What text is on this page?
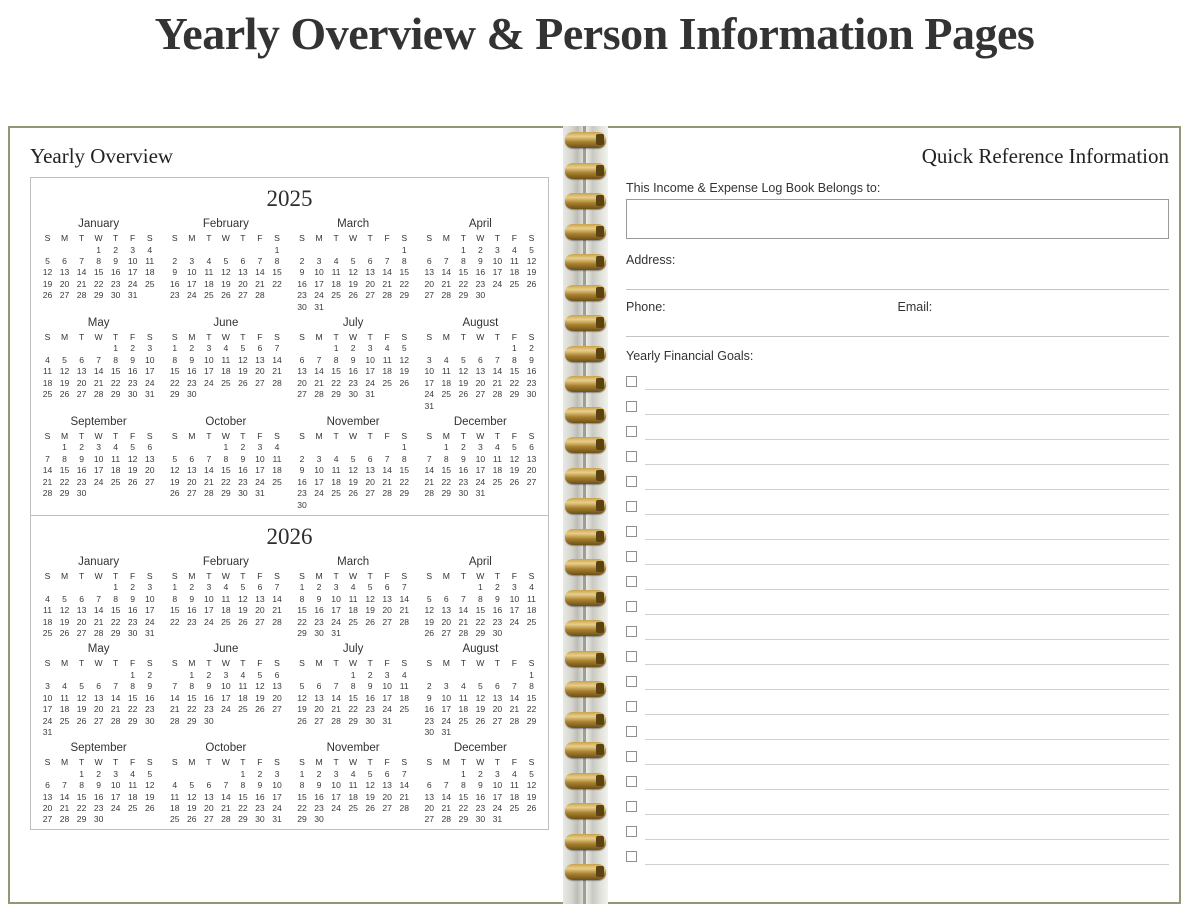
Yearly Overview & Person Information Pages
Yearly Overview
2025
January
S	M	T	W	T	F	S
			1	2	3	4
5	6	7	8	9	10	11
12	13	14	15	16	17	18
19	20	21	22	23	24	25
26	27	28	29	30	31	
February
S	M	T	W	T	F	S
						1
2	3	4	5	6	7	8
9	10	11	12	13	14	15
16	17	18	19	20	21	22
23	24	25	26	27	28	
March
S	M	T	W	T	F	S
						1
2	3	4	5	6	7	8
9	10	11	12	13	14	15
16	17	18	19	20	21	22
23	24	25	26	27	28	29
30	31					
April
S	M	T	W	T	F	S
		1	2	3	4	5
6	7	8	9	10	11	12
13	14	15	16	17	18	19
20	21	22	23	24	25	26
27	28	29	30			
May
S	M	T	W	T	F	S
				1	2	3
4	5	6	7	8	9	10
11	12	13	14	15	16	17
18	19	20	21	22	23	24
25	26	27	28	29	30	31
June
S	M	T	W	T	F	S
1	2	3	4	5	6	7
8	9	10	11	12	13	14
15	16	17	18	19	20	21
22	23	24	25	26	27	28
29	30					
July
S	M	T	W	T	F	S
		1	2	3	4	5
6	7	8	9	10	11	12
13	14	15	16	17	18	19
20	21	22	23	24	25	26
27	28	29	30	31		
August
S	M	T	W	T	F	S
					1	2
3	4	5	6	7	8	9
10	11	12	13	14	15	16
17	18	19	20	21	22	23
24	25	26	27	28	29	30
31						
September
S	M	T	W	T	F	S
	1	2	3	4	5	6
7	8	9	10	11	12	13
14	15	16	17	18	19	20
21	22	23	24	25	26	27
28	29	30				
October
S	M	T	W	T	F	S
			1	2	3	4
5	6	7	8	9	10	11
12	13	14	15	16	17	18
19	20	21	22	23	24	25
26	27	28	29	30	31	
November
S	M	T	W	T	F	S
						1
2	3	4	5	6	7	8
9	10	11	12	13	14	15
16	17	18	19	20	21	22
23	24	25	26	27	28	29
30						
December
S	M	T	W	T	F	S
	1	2	3	4	5	6
7	8	9	10	11	12	13
14	15	16	17	18	19	20
21	22	23	24	25	26	27
28	29	30	31			
2026
January
S	M	T	W	T	F	S
				1	2	3
4	5	6	7	8	9	10
11	12	13	14	15	16	17
18	19	20	21	22	23	24
25	26	27	28	29	30	31
February
S	M	T	W	T	F	S
1	2	3	4	5	6	7
8	9	10	11	12	13	14
15	16	17	18	19	20	21
22	23	24	25	26	27	28
March
S	M	T	W	T	F	S
1	2	3	4	5	6	7
8	9	10	11	12	13	14
15	16	17	18	19	20	21
22	23	24	25	26	27	28
29	30	31				
April
S	M	T	W	T	F	S
			1	2	3	4
5	6	7	8	9	10	11
12	13	14	15	16	17	18
19	20	21	22	23	24	25
26	27	28	29	30		
May
S	M	T	W	T	F	S
					1	2
3	4	5	6	7	8	9
10	11	12	13	14	15	16
17	18	19	20	21	22	23
24	25	26	27	28	29	30
31						
June
S	M	T	W	T	F	S
	1	2	3	4	5	6
7	8	9	10	11	12	13
14	15	16	17	18	19	20
21	22	23	24	25	26	27
28	29	30				
July
S	M	T	W	T	F	S
			1	2	3	4
5	6	7	8	9	10	11
12	13	14	15	16	17	18
19	20	21	22	23	24	25
26	27	28	29	30	31	
August
S	M	T	W	T	F	S
						1
2	3	4	5	6	7	8
9	10	11	12	13	14	15
16	17	18	19	20	21	22
23	24	25	26	27	28	29
30	31					
September
S	M	T	W	T	F	S
		1	2	3	4	5
6	7	8	9	10	11	12
13	14	15	16	17	18	19
20	21	22	23	24	25	26
27	28	29	30			
October
S	M	T	W	T	F	S
				1	2	3
4	5	6	7	8	9	10
11	12	13	14	15	16	17
18	19	20	21	22	23	24
25	26	27	28	29	30	31
November
S	M	T	W	T	F	S
1	2	3	4	5	6	7
8	9	10	11	12	13	14
15	16	17	18	19	20	21
22	23	24	25	26	27	28
29	30					
December
S	M	T	W	T	F	S
		1	2	3	4	5
6	7	8	9	10	11	12
13	14	15	16	17	18	19
20	21	22	23	24	25	26
27	28	29	30	31		
Quick Reference Information
This Income & Expense Log Book Belongs to:
Address:
Phone:	Email:
Yearly Financial Goals:
